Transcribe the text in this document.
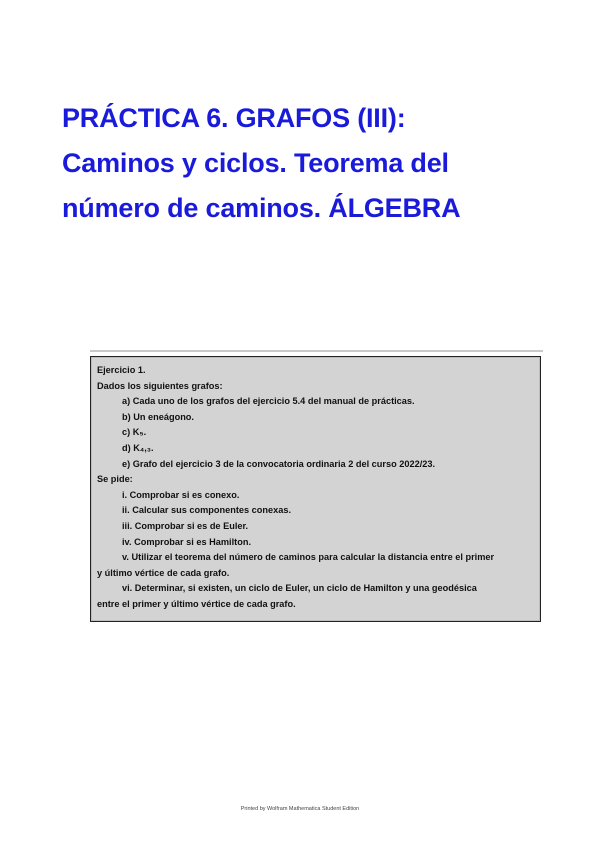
PRÁCTICA 6. GRAFOS (III):
Caminos y ciclos. Teorema del
número de caminos. ÁLGEBRA
Ejercicio 1.
Dados los siguientes grafos:
a) Cada uno de los grafos del ejercicio 5.4 del manual de prácticas.
b) Un eneágono.
c) K₅.
d) K₄,₃.
e) Grafo del ejercicio 3 de la convocatoria ordinaria 2 del curso 2022/23.
Se pide:
i. Comprobar si es conexo.
ii. Calcular sus componentes conexas.
iii. Comprobar si es de Euler.
iv. Comprobar si es Hamilton.
v. Utilizar el teorema del número de caminos para calcular la distancia entre el primer
y último vértice de cada grafo.
vi. Determinar, si existen, un ciclo de Euler, un ciclo de Hamilton y una geodésica
entre el primer y último vértice de cada grafo.
Printed by Wolfram Mathematica Student Edition
